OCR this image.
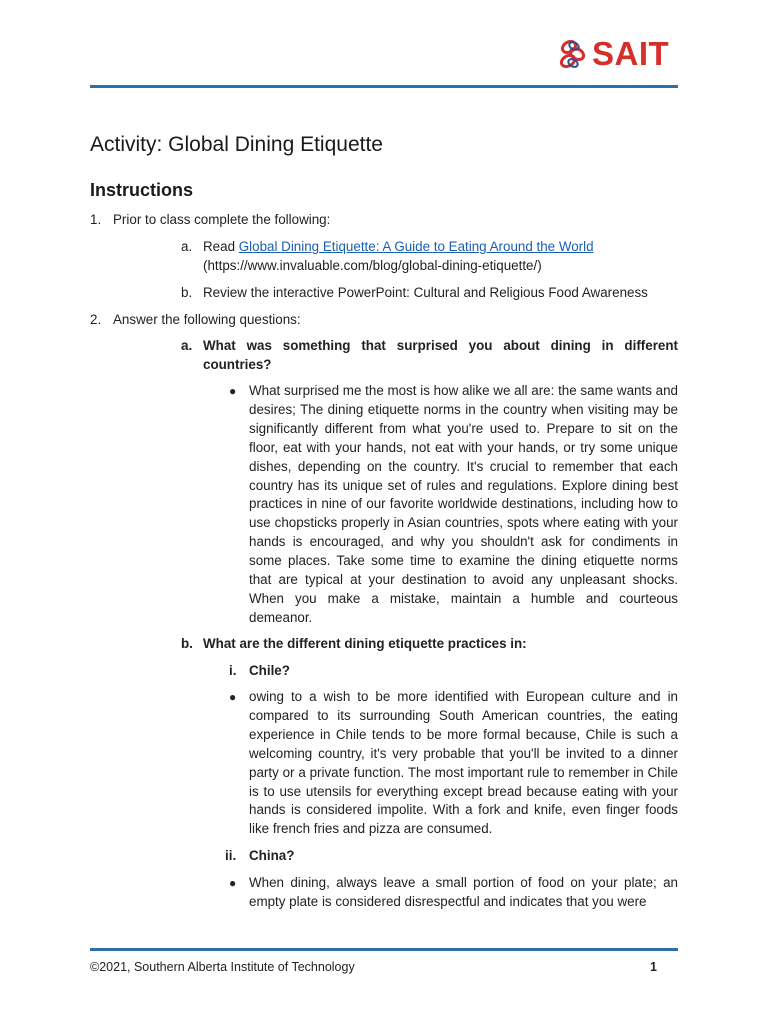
SAIT
Activity: Global Dining Etiquette
Instructions
1. Prior to class complete the following:
a. Read Global Dining Etiquette: A Guide to Eating Around the World
(https://www.invaluable.com/blog/global-dining-etiquette/)
b. Review the interactive PowerPoint: Cultural and Religious Food Awareness
2. Answer the following questions:
a. What was something that surprised you about dining in different countries?
● What surprised me the most is how alike we all are: the same wants and desires; The dining etiquette norms in the country when visiting may be significantly different from what you're used to. Prepare to sit on the floor, eat with your hands, not eat with your hands, or try some unique dishes, depending on the country. It's crucial to remember that each country has its unique set of rules and regulations. Explore dining best practices in nine of our favorite worldwide destinations, including how to use chopsticks properly in Asian countries, spots where eating with your hands is encouraged, and why you shouldn't ask for condiments in some places. Take some time to examine the dining etiquette norms that are typical at your destination to avoid any unpleasant shocks. When you make a mistake, maintain a humble and courteous demeanor.
b. What are the different dining etiquette practices in:
i. Chile?
● owing to a wish to be more identified with European culture and in compared to its surrounding South American countries, the eating experience in Chile tends to be more formal because, Chile is such a welcoming country, it's very probable that you'll be invited to a dinner party or a private function. The most important rule to remember in Chile is to use utensils for everything except bread because eating with your hands is considered impolite. With a fork and knife, even finger foods like french fries and pizza are consumed.
ii. China?
● When dining, always leave a small portion of food on your plate; an empty plate is considered disrespectful and indicates that you were
©2021, Southern Alberta Institute of Technology	1
